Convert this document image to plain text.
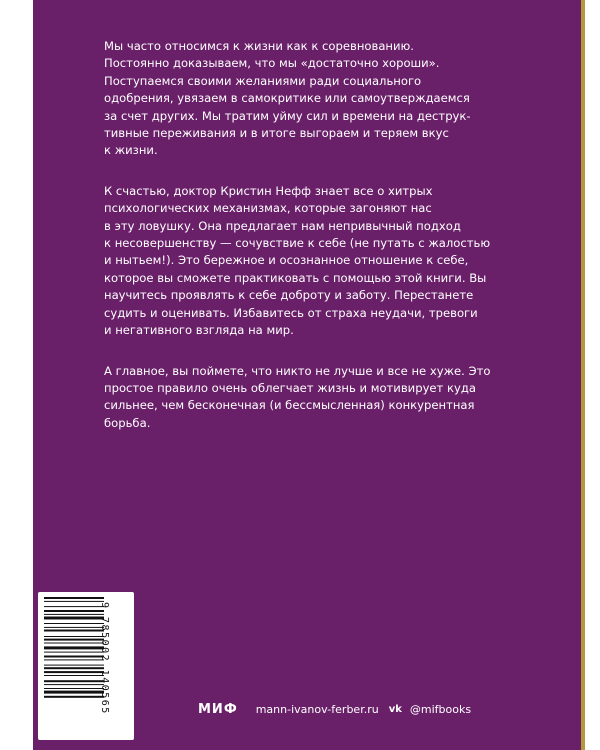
Мы часто относимся к жизни как к соревнованию.
Постоянно доказываем, что мы «достаточно хороши».
Поступаемся своими желаниями ради социального
одобрения, увязаем в самокритике или самоутверждаемся
за счет других. Мы тратим уйму сил и времени на деструк-
тивные переживания и в итоге выгораем и теряем вкус
к жизни.

К счастью, доктор Кристин Нефф знает все о хитрых
психологических механизмах, которые загоняют нас
в эту ловушку. Она предлагает нам непривычный подход
к несовершенству — сочувствие к себе (не путать с жалостью
и нытьем!). Это бережное и осознанное отношение к себе,
которое вы сможете практиковать с помощью этой книги. Вы
научитесь проявлять к себе доброту и заботу. Перестанете
судить и оценивать. Избавитесь от страха неудачи, тревоги
и негативного взгляда на мир.

А главное, вы поймете, что никто не лучше и все не хуже. Это
простое правило очень облегчает жизнь и мотивирует куда
сильнее, чем бесконечная (и бессмысленная) конкурентная
борьба.

9 785002 140565	МИФ mann-ivanov-ferber.ru vk @mifbooks
